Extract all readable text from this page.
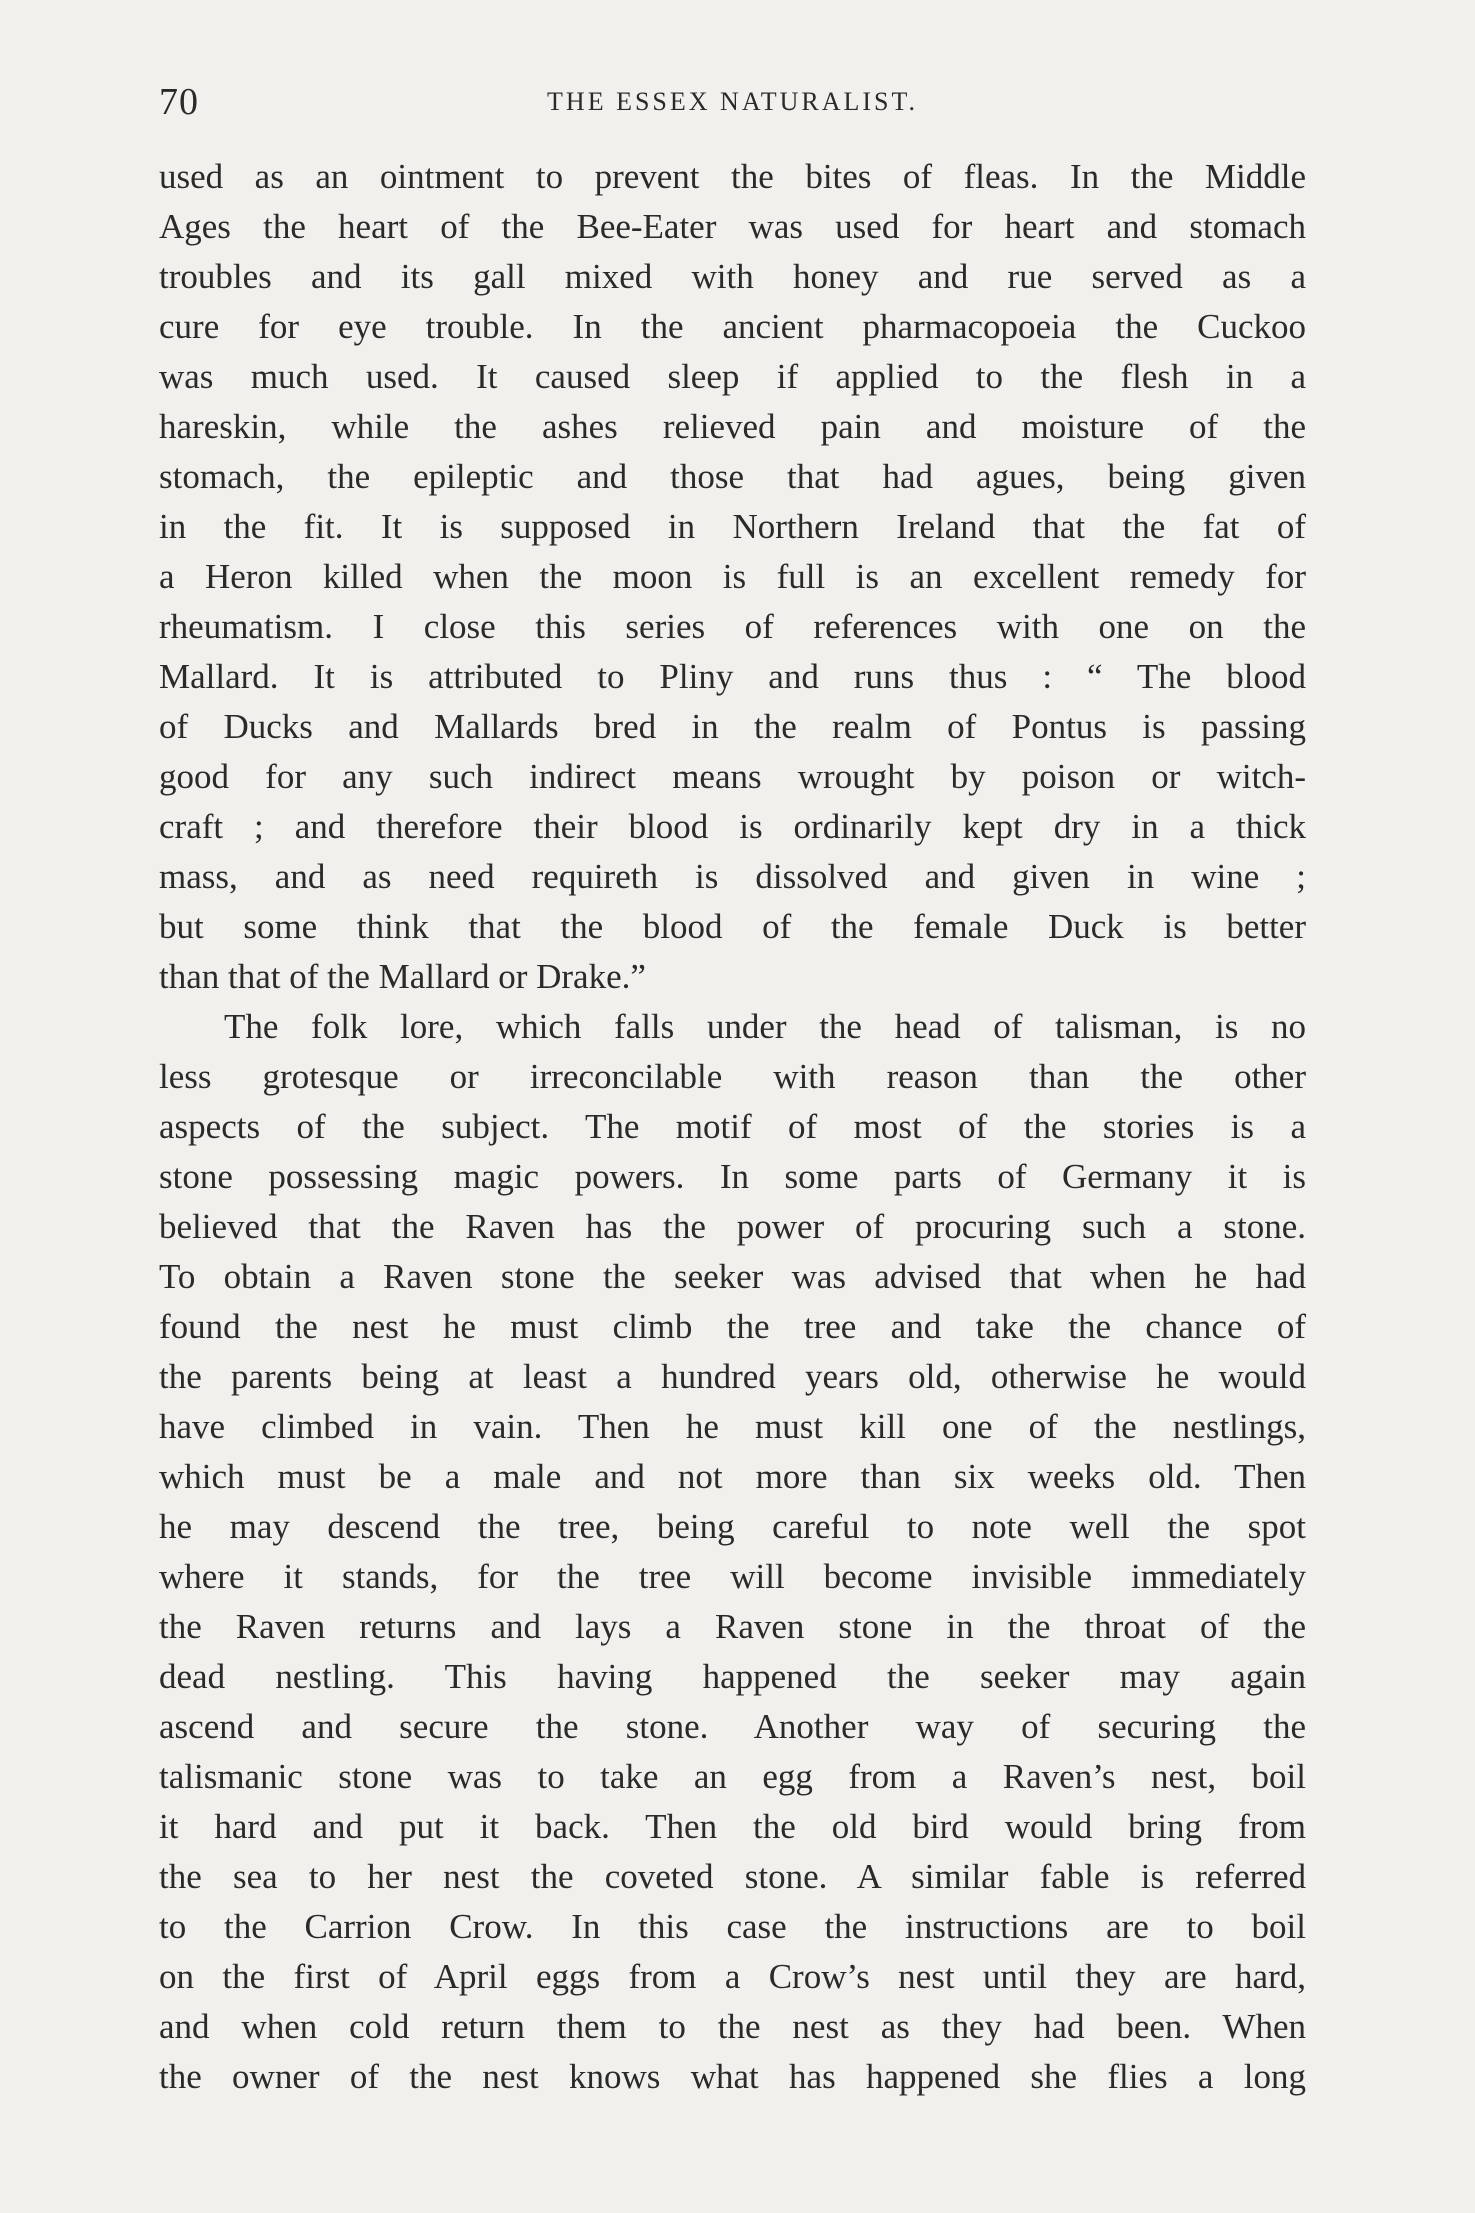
70	THE ESSEX NATURALIST.
used as an ointment to prevent the bites of fleas. In the Middle
Ages the heart of the Bee-Eater was used for heart and stomach
troubles and its gall mixed with honey and rue served as a
cure for eye trouble. In the ancient pharmacopoeia the Cuckoo
was much used. It caused sleep if applied to the flesh in a
hareskin, while the ashes relieved pain and moisture of the
stomach, the epileptic and those that had agues, being given
in the fit. It is supposed in Northern Ireland that the fat of
a Heron killed when the moon is full is an excellent remedy for
rheumatism. I close this series of references with one on the
Mallard. It is attributed to Pliny and runs thus : “ The blood
of Ducks and Mallards bred in the realm of Pontus is passing
good for any such indirect means wrought by poison or witch-
craft ; and therefore their blood is ordinarily kept dry in a thick
mass, and as need requireth is dissolved and given in wine ;
but some think that the blood of the female Duck is better
than that of the Mallard or Drake.”
The folk lore, which falls under the head of talisman, is no
less grotesque or irreconcilable with reason than the other
aspects of the subject. The motif of most of the stories is a
stone possessing magic powers. In some parts of Germany it is
believed that the Raven has the power of procuring such a stone.
To obtain a Raven stone the seeker was advised that when he had
found the nest he must climb the tree and take the chance of
the parents being at least a hundred years old, otherwise he would
have climbed in vain. Then he must kill one of the nestlings,
which must be a male and not more than six weeks old. Then
he may descend the tree, being careful to note well the spot
where it stands, for the tree will become invisible immediately
the Raven returns and lays a Raven stone in the throat of the
dead nestling. This having happened the seeker may again
ascend and secure the stone. Another way of securing the
talismanic stone was to take an egg from a Raven’s nest, boil
it hard and put it back. Then the old bird would bring from
the sea to her nest the coveted stone. A similar fable is referred
to the Carrion Crow. In this case the instructions are to boil
on the first of April eggs from a Crow’s nest until they are hard,
and when cold return them to the nest as they had been. When
the owner of the nest knows what has happened she flies a long
